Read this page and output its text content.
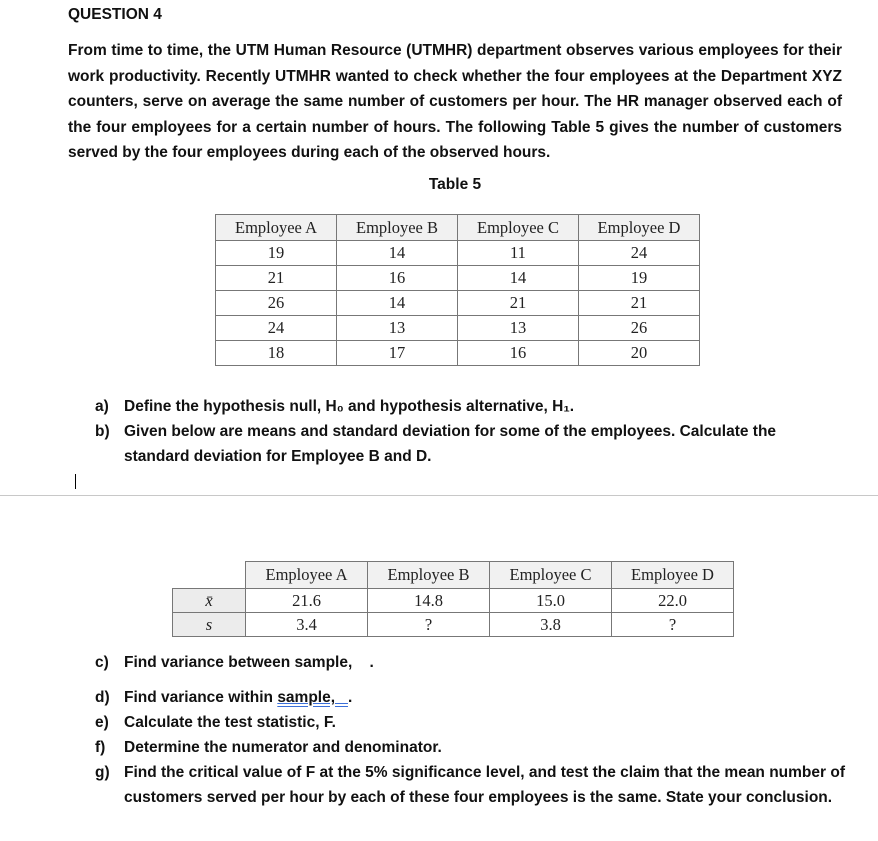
QUESTION 4
From time to time, the UTM Human Resource (UTMHR) department observes various employees for their work productivity. Recently UTMHR wanted to check whether the four employees at the Department XYZ counters, serve on average the same number of customers per hour. The HR manager observed each of the four employees for a certain number of hours. The following Table 5 gives the number of customers served by the four employees during each of the observed hours.
Table 5
Employee A	Employee B	Employee C	Employee D
19	14	11	24
21	16	14	19
26	14	21	21
24	13	13	26
18	17	16	20
a) Define the hypothesis null, H₀ and hypothesis alternative, H₁.
b) Given below are means and standard deviation for some of the employees. Calculate the standard deviation for Employee B and D.
	Employee A	Employee B	Employee C	Employee D
x̄	21.6	14.8	15.0	22.0
s	3.4	?	3.8	?
c) Find variance between sample,    .
d) Find variance within sample,   .
e) Calculate the test statistic, F.
f) Determine the numerator and denominator.
g) Find the critical value of F at the 5% significance level, and test the claim that the mean number of customers served per hour by each of these four employees is the same. State your conclusion.
